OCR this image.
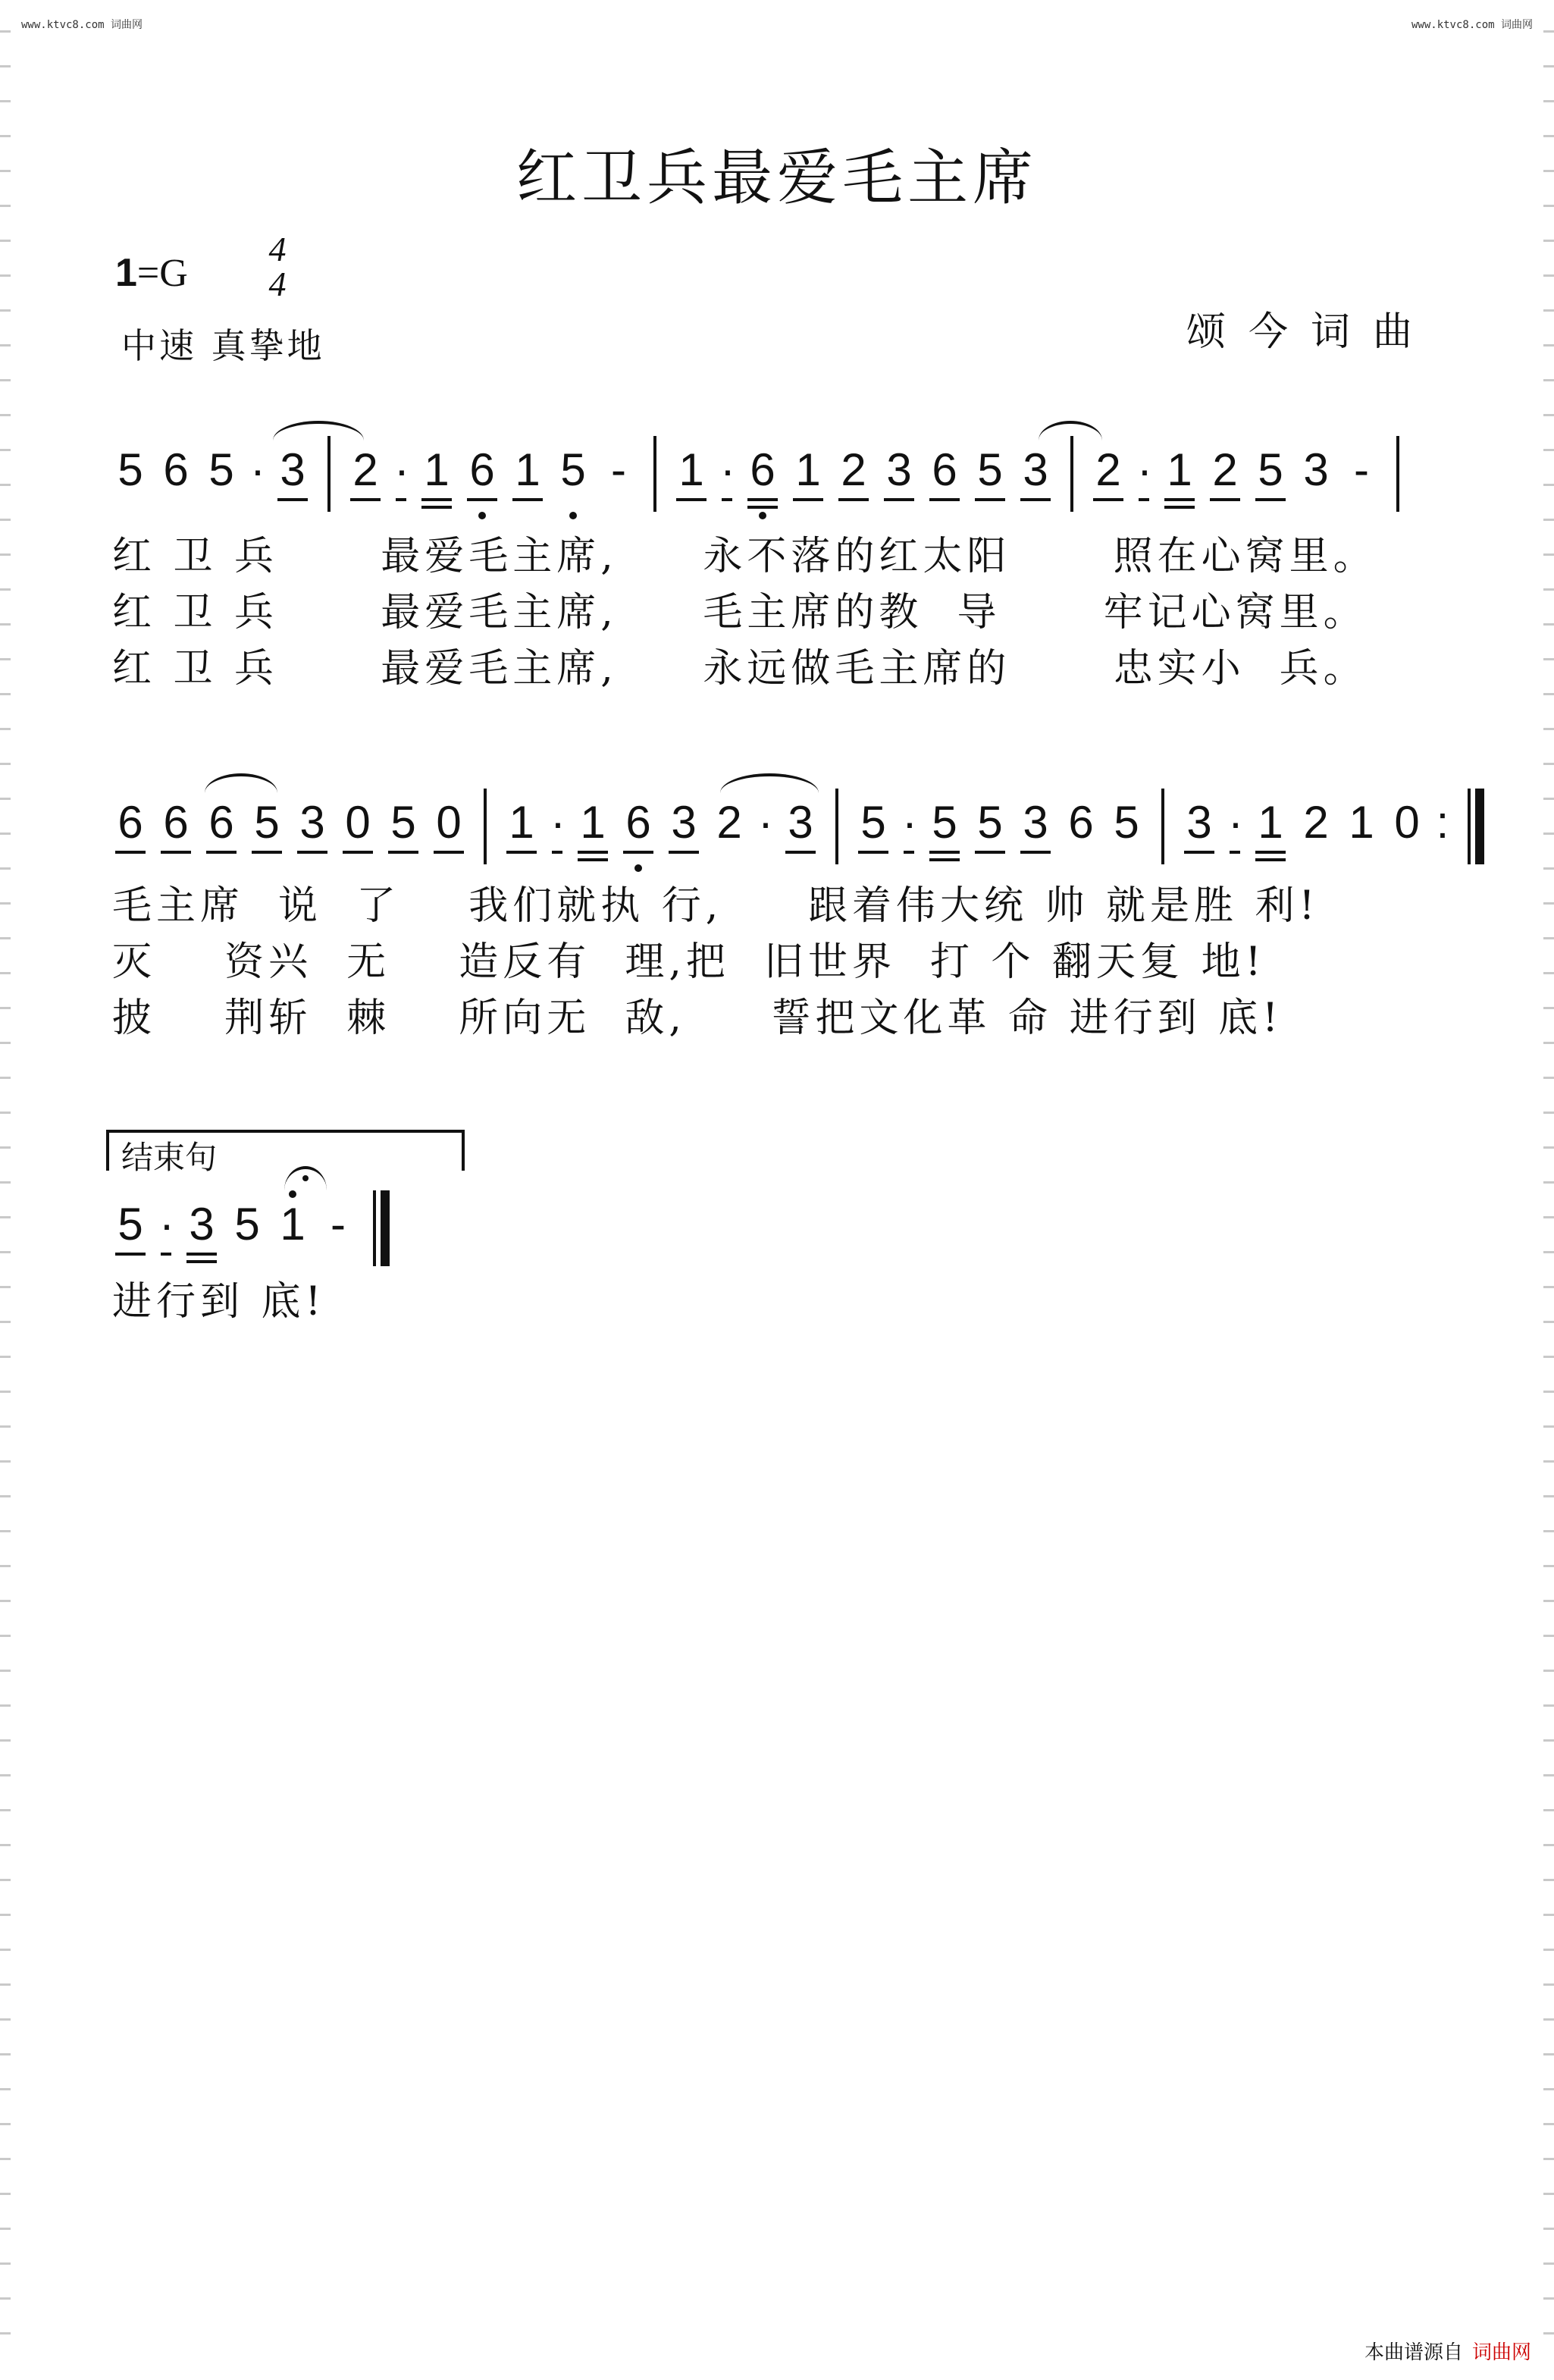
www.ktvc8.com 词曲网	www.ktvc8.com 词曲网
红卫兵最爱毛主席
1=G
4
4
中速 真挚地	颂今词曲
5 6 5 · 3 2 · 1 6 1 5 - 1 · 6 1 2 3 6 5 3 2 · 1 2 5 3 -
红 卫 兵      最爱毛主席,     永不落的红太阳      照在心窝里。
红 卫 兵      最爱毛主席,     毛主席的教  导      牢记心窝里。
红 卫 兵      最爱毛主席,     永远做毛主席的      忠实小  兵。
6 6 6 5 3 0 5 0 1 · 1 6 3 2 · 3 5 · 5 5 3 6 5 3 · 1 2 1 0 :
毛主席  说  了    我们就执 行,     跟着伟大统 帅 就是胜 利!
灭    资兴  无    造反有  理,把  旧世界  打 个 翻天复 地!
披    荆斩  棘    所向无  敌,     誓把文化革 命 进行到 底!
结束句
5 · 3 5 1 -
进行到 底!
本曲谱源自 词曲网
